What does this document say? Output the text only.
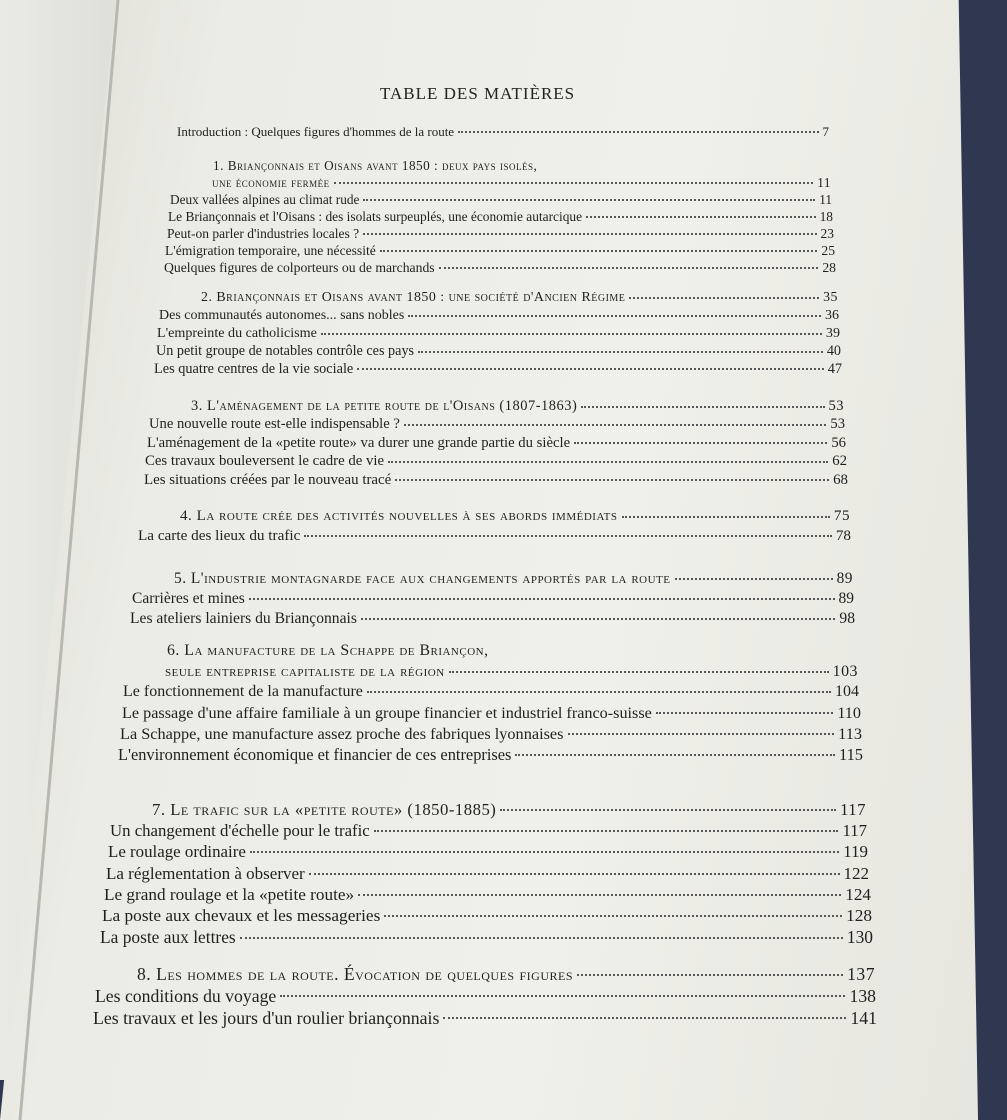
TABLE DES MATIÈRES
Introduction : Quelques figures d'hommes de la route	7
1. Briançonnais et Oisans avant 1850 : deux pays isolés,
une économie fermée	11
Deux vallées alpines au climat rude	11
Le Briançonnais et l'Oisans : des isolats surpeuplés, une économie autarcique	18
Peut-on parler d'industries locales ?	23
L'émigration temporaire, une nécessité	25
Quelques figures de colporteurs ou de marchands	28
2. Briançonnais et Oisans avant 1850 : une société d'Ancien Régime	35
Des communautés autonomes... sans nobles	36
L'empreinte du catholicisme	39
Un petit groupe de notables contrôle ces pays	40
Les quatre centres de la vie sociale	47
3. L'aménagement de la petite route de l'Oisans (1807-1863)	53
Une nouvelle route est-elle indispensable ?	53
L'aménagement de la «petite route» va durer une grande partie du siècle	56
Ces travaux bouleversent le cadre de vie	62
Les situations créées par le nouveau tracé	68
4. La route crée des activités nouvelles à ses abords immédiats	75
La carte des lieux du trafic	78
5. L'industrie montagnarde face aux changements apportés par la route	89
Carrières et mines	89
Les ateliers lainiers du Briançonnais	98
6. La manufacture de la Schappe de Briançon,
seule entreprise capitaliste de la région	103
Le fonctionnement de la manufacture	104
Le passage d'une affaire familiale à un groupe financier et industriel franco-suisse	110
La Schappe, une manufacture assez proche des fabriques lyonnaises	113
L'environnement économique et financier de ces entreprises	115
7. Le trafic sur la «petite route» (1850-1885)	117
Un changement d'échelle pour le trafic	117
Le roulage ordinaire	119
La réglementation à observer	122
Le grand roulage et la «petite route»	124
La poste aux chevaux et les messageries	128
La poste aux lettres	130
8. Les hommes de la route. Évocation de quelques figures	137
Les conditions du voyage	138
Les travaux et les jours d'un roulier briançonnais	141
